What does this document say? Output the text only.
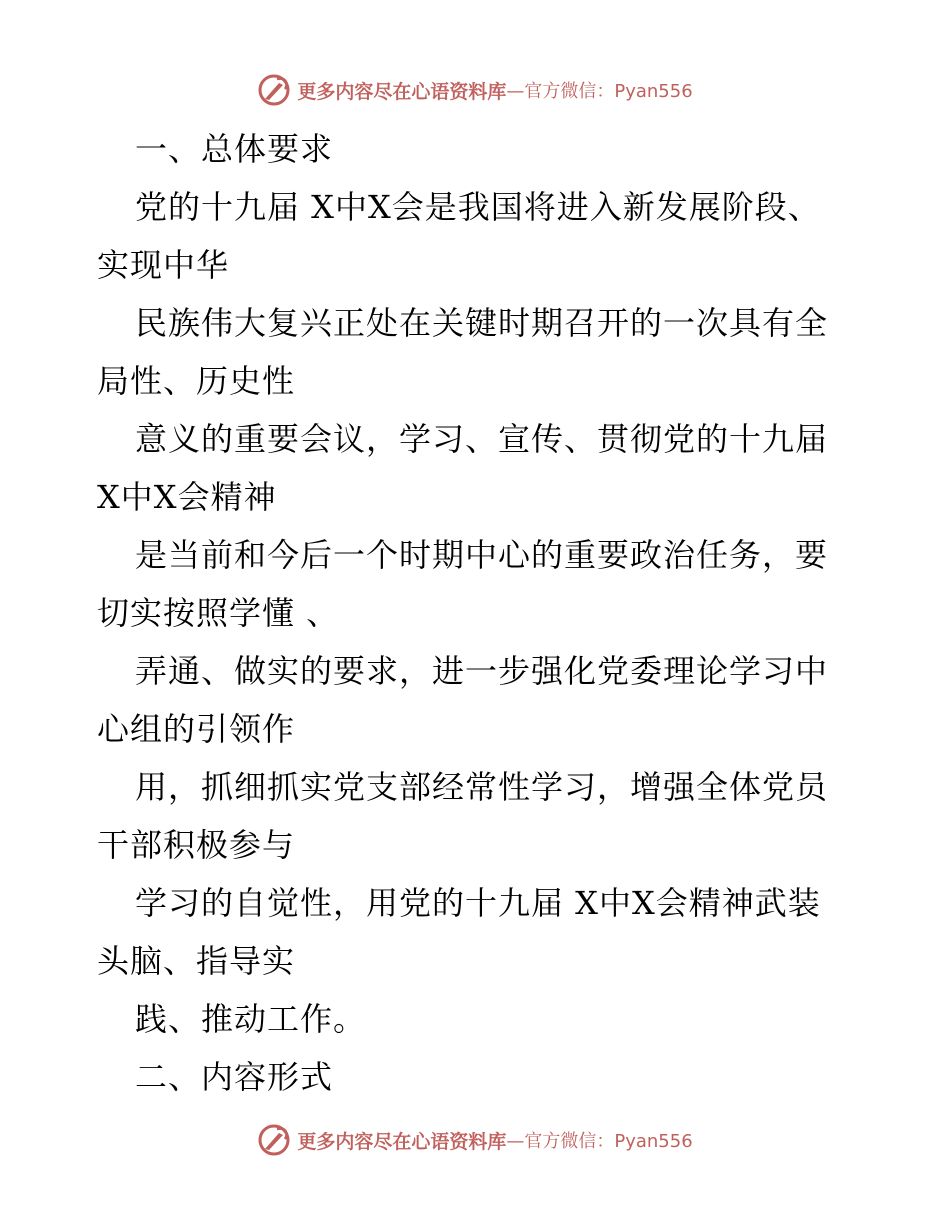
更多内容尽在心语资料库 —官方微信：Pyan556
一、总体要求
党的十九届 X中X会是我国将进入新发展阶段、
实现中华
民族伟大复兴正处在关键时期召开的一次具有全
局性、历史性
意义的重要会议，学习、宣传、贯彻党的十九届
X中X会精神
是当前和今后一个时期中心的重要政治任务，要
切实按照学懂 、
弄通、做实的要求，进一步强化党委理论学习中
心组的引领作
用，抓细抓实党支部经常性学习，增强全体党员
干部积极参与
学习的自觉性，用党的十九届 X中X会精神武装
头脑、指导实
践、推动工作。
二、内容形式
更多内容尽在心语资料库 —官方微信：Pyan556
